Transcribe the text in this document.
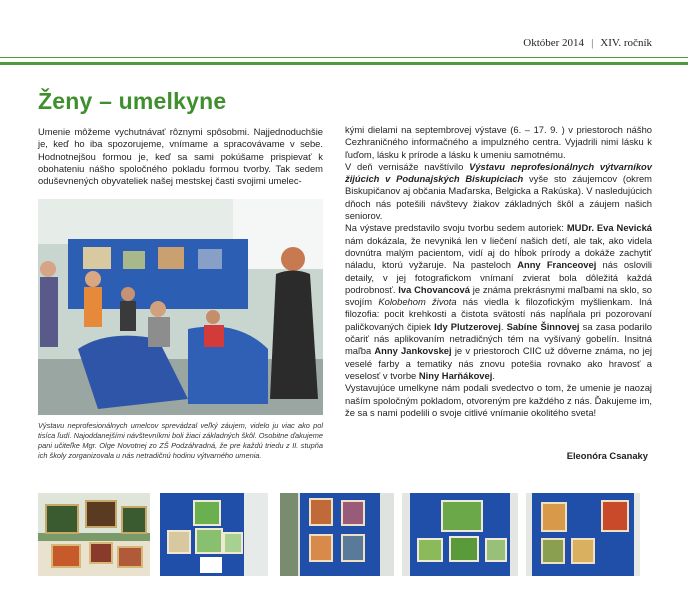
Október 2014 | XIV. ročník
Ženy – umelkyne

Umenie môžeme vychutnávať rôznymi spôsobmi. Najjednoduchšie je, keď ho iba spozorujeme, vnímame a spracovávame v sebe. Hodnotnejšou formou je, keď sa sami pokúšame prispievať k obohateniu nášho spoločného pokladu formou tvorby. Tak sedem oduševnených obyvateliek našej mestskej časti svojimi umelec-

Výstavu neprofesionálnych umelcov sprevádzal veľký záujem, videlo ju viac ako pol tisíca ľudí. Najoddanejšími návštevníkmi boli žiaci základných škôl. Osobitne ďakujeme pani učiteľke Mgr. Olge Novotnej zo ZŠ Podzáhradná, že pre každú triedu z II. stupňa ich školy zorganizovala u nás netradičnú hodinu výtvarného umenia.

kými dielami na septembrovej výstave (6. – 17. 9. ) v priestoroch nášho Cezhraničného informačného a impulzného centra. Vyjadrili nimi lásku k ľuďom, lásku k prírode a lásku k umeniu samotnému.

V deň vernisáže navštívilo Výstavu neprofesionálnych výtvarníkov žijúcich v Podunajských Biskupiciach vyše sto záujemcov (okrem Biskupičanov aj občania Maďarska, Belgicka a Rakúska). V nasledujúcich dňoch nás potešili návštevy žiakov základných škôl a záujem našich seniorov.

Na výstave predstavilo svoju tvorbu sedem autoriek: MUDr. Eva Nevická nám dokázala, že nevyniká len v liečení našich detí, ale tak, ako videla dovnútra malým pacientom, vidí aj do hĺbok prírody a dokáže zachytiť náladu, ktorú vyžaruje. Na pasteloch Anny Franceovej nás oslovili detaily, v jej fotografickom vnímaní zvierat bola dôležitá každá podrobnosť. Iva Chovancová je známa prekrásnymi maľbami na sklo, so svojím Kolobehom života nás viedla k filozofickým myšlienkam. Iná filozofia: pocit krehkosti a čistota svätostí nás napĺňala pri pozorovaní paličkovaných čipiek Idy Plutzerovej. Sabíne Šinnovej sa zasa podarilo očariť nás aplikovaním netradičných tém na vyšívaný gobelín. Insitná maľba Anny Jankovskej je v priestoroch CIIC už dôverne známa, no jej veselé farby a tematiky nás znovu potešia rovnako ako hravosť a veselosť v tvorbe Niny Harňákovej.

Vystavujúce umelkyne nám podali svedectvo o tom, že umenie je naozaj naším spoločným pokladom, otvoreným pre každého z nás. Ďakujeme im, že sa s nami podelili o svoje citlivé vnímanie okolitého sveta!

Eleonóra Csanaky
